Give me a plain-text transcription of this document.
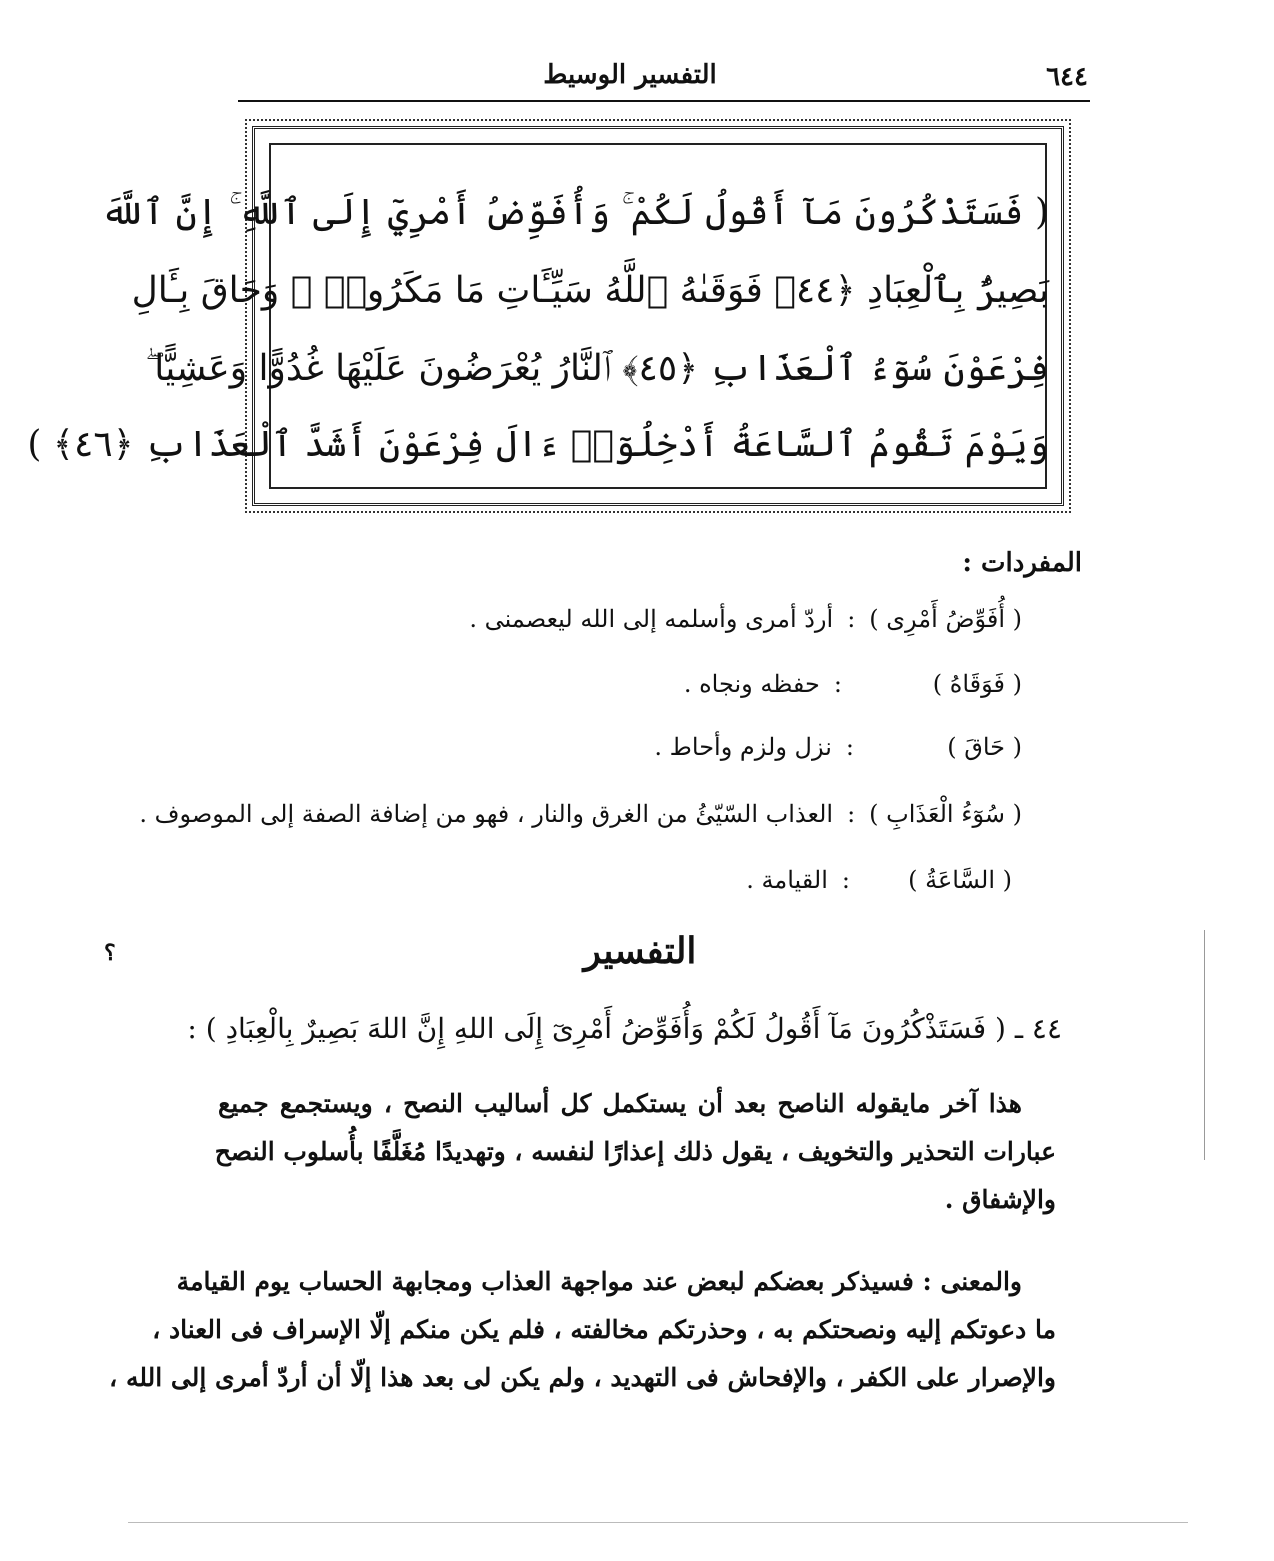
٦٤٤
التفسير الوسيط
( فَسَتَذْكُرُونَ مَآ أَقُولُ لَكُمْ ۚ وَأُفَوِّضُ أَمْرِيٓ إِلَى ٱللَّهِ ۚ إِنَّ ٱللَّهَ
بَصِيرٌۢ بِٱلْعِبَادِ ﴿٤٤﴾ فَوَقَىٰهُ ٱللَّهُ سَيِّـَٔاتِ مَا مَكَرُوا۟ ۖ وَحَاقَ بِـَٔالِ
فِرْعَوْنَ سُوٓءُ ٱلْعَذَابِ ﴿٤٥﴾ ٱلنَّارُ يُعْرَضُونَ عَلَيْهَا غُدُوًّا وَعَشِيًّا ۖ
وَيَوْمَ تَقُومُ ٱلسَّاعَةُ أَدْخِلُوٓا۟ ءَالَ فِرْعَوْنَ أَشَدَّ ٱلْعَذَابِ ﴿٤٦﴾ )
المفردات :
( أُفَوِّضُ أَمْرِى ):أردّ أمرى وأسلمه إلى الله ليعصمنى .
( فَوَقَاهُ ):حفظه ونجاه .
( حَاقَ ):نزل ولزم وأحاط .
( سُوٓءُ الْعَذَابِ ):العذاب السّيّئُ من الغرق والنار ، فهو من إضافة الصفة إلى الموصوف .
( السَّاعَةُ ):القيامة .
؟	التفسير
٤٤ ـ ( فَسَتَذْكُرُونَ مَآ أَقُولُ لَكُمْ وَأُفَوِّضُ أَمْرِىٓ إِلَى اللهِ إِنَّ اللهَ بَصِيرٌ بِالْعِبَادِ ) :
هذا آخر مايقوله الناصح بعد أن يستكمل كل أساليب النصح ، ويستجمع جميع
عبارات التحذير والتخويف ، يقول ذلك إعذارًا لنفسه ، وتهديدًا مُغَلَّفًا بأُسلوب النصح
والإشفاق .
والمعنى : فسيذكر بعضكم لبعض عند مواجهة العذاب ومجابهة الحساب يوم القيامة
ما دعوتكم إليه ونصحتكم به ، وحذرتكم مخالفته ، فلم يكن منكم إلّا الإسراف فى العناد ،
والإصرار على الكفر ، والإفحاش فى التهديد ، ولم يكن لى بعد هذا إلّا أن أردّ أمرى إلى الله ،
